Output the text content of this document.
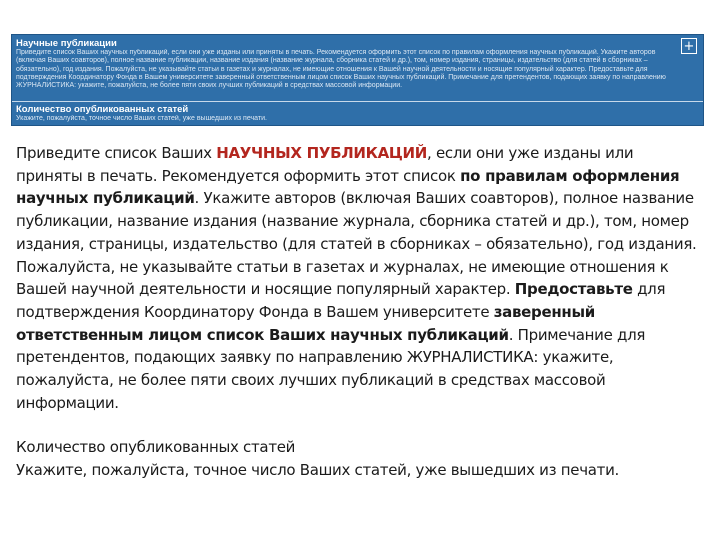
Научные публикации
Приведите список Ваших научных публикаций, если они уже изданы или приняты в печать. Рекомендуется оформить этот список по правилам оформления научных публикаций. Укажите авторов (включая Ваших соавторов), полное название публикации, название издания (название журнала, сборника статей и др.), том, номер издания, страницы, издательство (для статей в сборниках – обязательно), год издания. Пожалуйста, не указывайте статьи в газетах и журналах, не имеющие отношения к Вашей научной деятельности и носящие популярный характер. Предоставьте для подтверждения Координатору Фонда в Вашем университете заверенный ответственным лицом список Ваших научных публикаций. Примечание для претендентов, подающих заявку по направлению ЖУРНАЛИСТИКА: укажите, пожалуйста, не более пяти своих лучших публикаций в средствах массовой информации.
+
Количество опубликованных статей
Укажите, пожалуйста, точное число Ваших статей, уже вышедших из печати.

Приведите список Ваших НАУЧНЫХ ПУБЛИКАЦИЙ, если они уже изданы или приняты в печать. Рекомендуется оформить этот список по правилам оформления научных публикаций. Укажите авторов (включая Ваших соавторов), полное название публикации, название издания (название журнала, сборника статей и др.), том, номер издания, страницы, издательство (для статей в сборниках – обязательно), год издания. Пожалуйста, не указывайте статьи в газетах и журналах, не имеющие отношения к Вашей научной деятельности и носящие популярный характер. Предоставьте для подтверждения Координатору Фонда в Вашем университете заверенный ответственным лицом список Ваших научных публикаций. Примечание для претендентов, подающих заявку по направлению ЖУРНАЛИСТИКА: укажите, пожалуйста, не более пяти своих лучших публикаций в средствах массовой информации.

Количество опубликованных статей

Укажите, пожалуйста, точное число Ваших статей, уже вышедших из печати.
